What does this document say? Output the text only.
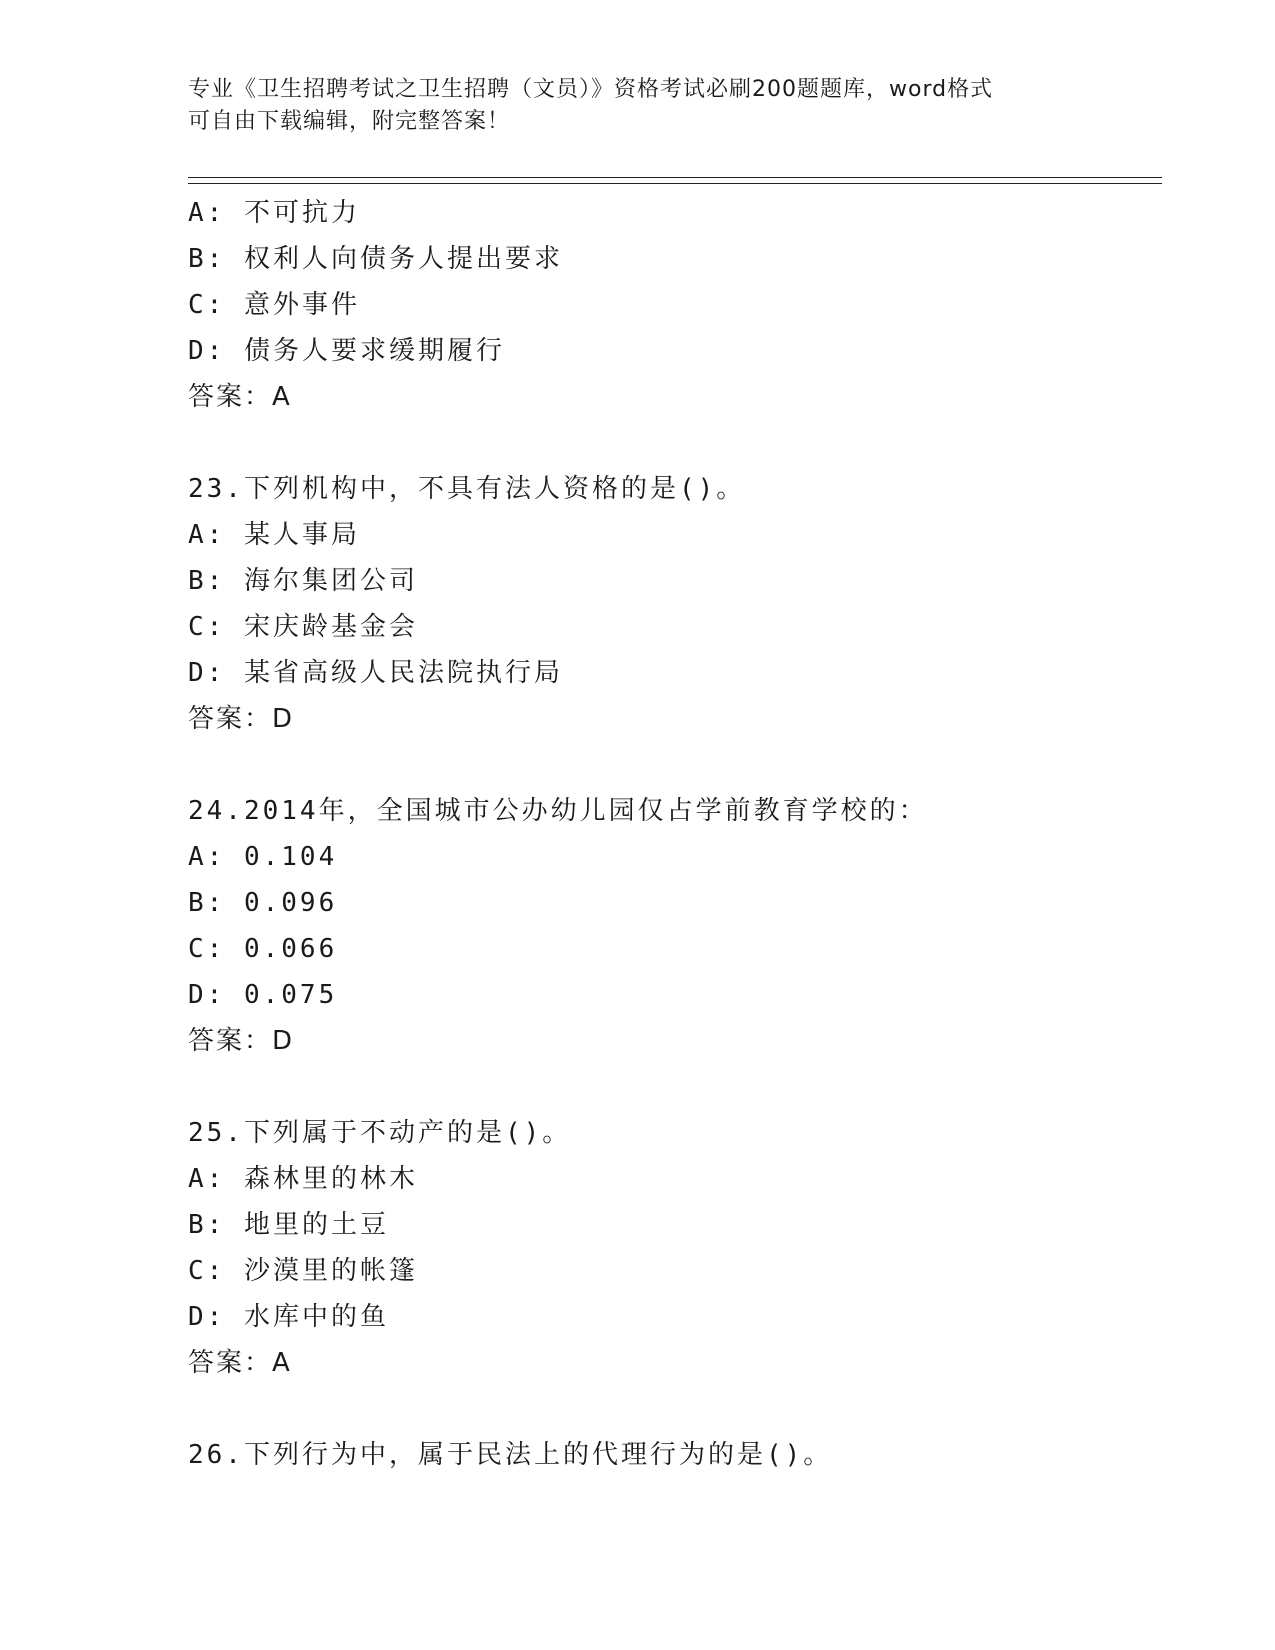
专业《卫生招聘考试之卫生招聘（文员）》资格考试必刷200题题库，word格式
可自由下载编辑，附完整答案！
A: 不可抗力
B: 权利人向债务人提出要求
C: 意外事件
D: 债务人要求缓期履行
答案：A
23.下列机构中，不具有法人资格的是()。
A: 某人事局
B: 海尔集团公司
C: 宋庆龄基金会
D: 某省高级人民法院执行局
答案：D
24.2014年，全国城市公办幼儿园仅占学前教育学校的：
A: 0.104
B: 0.096
C: 0.066
D: 0.075
答案：D
25.下列属于不动产的是()。
A: 森林里的林木
B: 地里的土豆
C: 沙漠里的帐篷
D: 水库中的鱼
答案：A
26.下列行为中，属于民法上的代理行为的是()。
